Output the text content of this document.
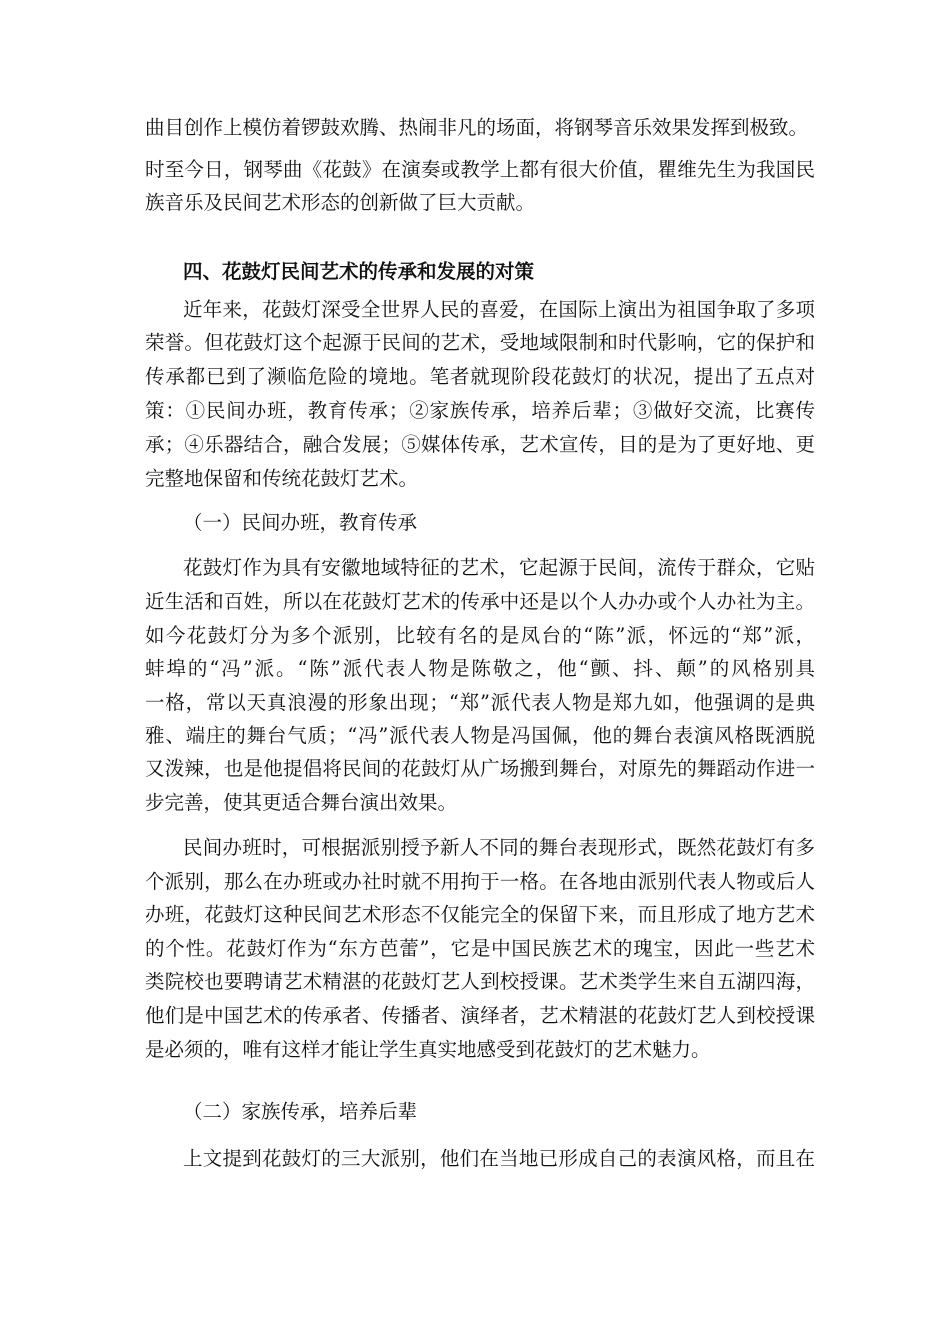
曲目创作上模仿着锣鼓欢腾、热闹非凡的场面，将钢琴音乐效果发挥到极致。
时至今日，钢琴曲《花鼓》在演奏或教学上都有很大价值，瞿维先生为我国民
族音乐及民间艺术形态的创新做了巨大贡献。
四、花鼓灯民间艺术的传承和发展的对策
近年来，花鼓灯深受全世界人民的喜爱，在国际上演出为祖国争取了多项
荣誉。但花鼓灯这个起源于民间的艺术，受地域限制和时代影响，它的保护和
传承都已到了濒临危险的境地。笔者就现阶段花鼓灯的状况，提出了五点对
策：①民间办班，教育传承；②家族传承，培养后辈；③做好交流，比赛传
承；④乐器结合，融合发展；⑤媒体传承，艺术宣传，目的是为了更好地、更
完整地保留和传统花鼓灯艺术。
（一）民间办班，教育传承
花鼓灯作为具有安徽地域特征的艺术，它起源于民间，流传于群众，它贴
近生活和百姓，所以在花鼓灯艺术的传承中还是以个人办办或个人办社为主。
如今花鼓灯分为多个派别，比较有名的是凤台的“陈”派，怀远的“郑”派，
蚌埠的“冯”派。“陈”派代表人物是陈敬之，他“颤、抖、颠”的风格别具
一格，常以天真浪漫的形象出现；“郑”派代表人物是郑九如，他强调的是典
雅、端庄的舞台气质；“冯”派代表人物是冯国佩，他的舞台表演风格既洒脱
又泼辣，也是他提倡将民间的花鼓灯从广场搬到舞台，对原先的舞蹈动作进一
步完善，使其更适合舞台演出效果。
民间办班时，可根据派别授予新人不同的舞台表现形式，既然花鼓灯有多
个派别，那么在办班或办社时就不用拘于一格。在各地由派别代表人物或后人
办班，花鼓灯这种民间艺术形态不仅能完全的保留下来，而且形成了地方艺术
的个性。花鼓灯作为“东方芭蕾”，它是中国民族艺术的瑰宝，因此一些艺术
类院校也要聘请艺术精湛的花鼓灯艺人到校授课。艺术类学生来自五湖四海，
他们是中国艺术的传承者、传播者、演绎者，艺术精湛的花鼓灯艺人到校授课
是必须的，唯有这样才能让学生真实地感受到花鼓灯的艺术魅力。
（二）家族传承，培养后辈
上文提到花鼓灯的三大派别，他们在当地已形成自己的表演风格，而且在
